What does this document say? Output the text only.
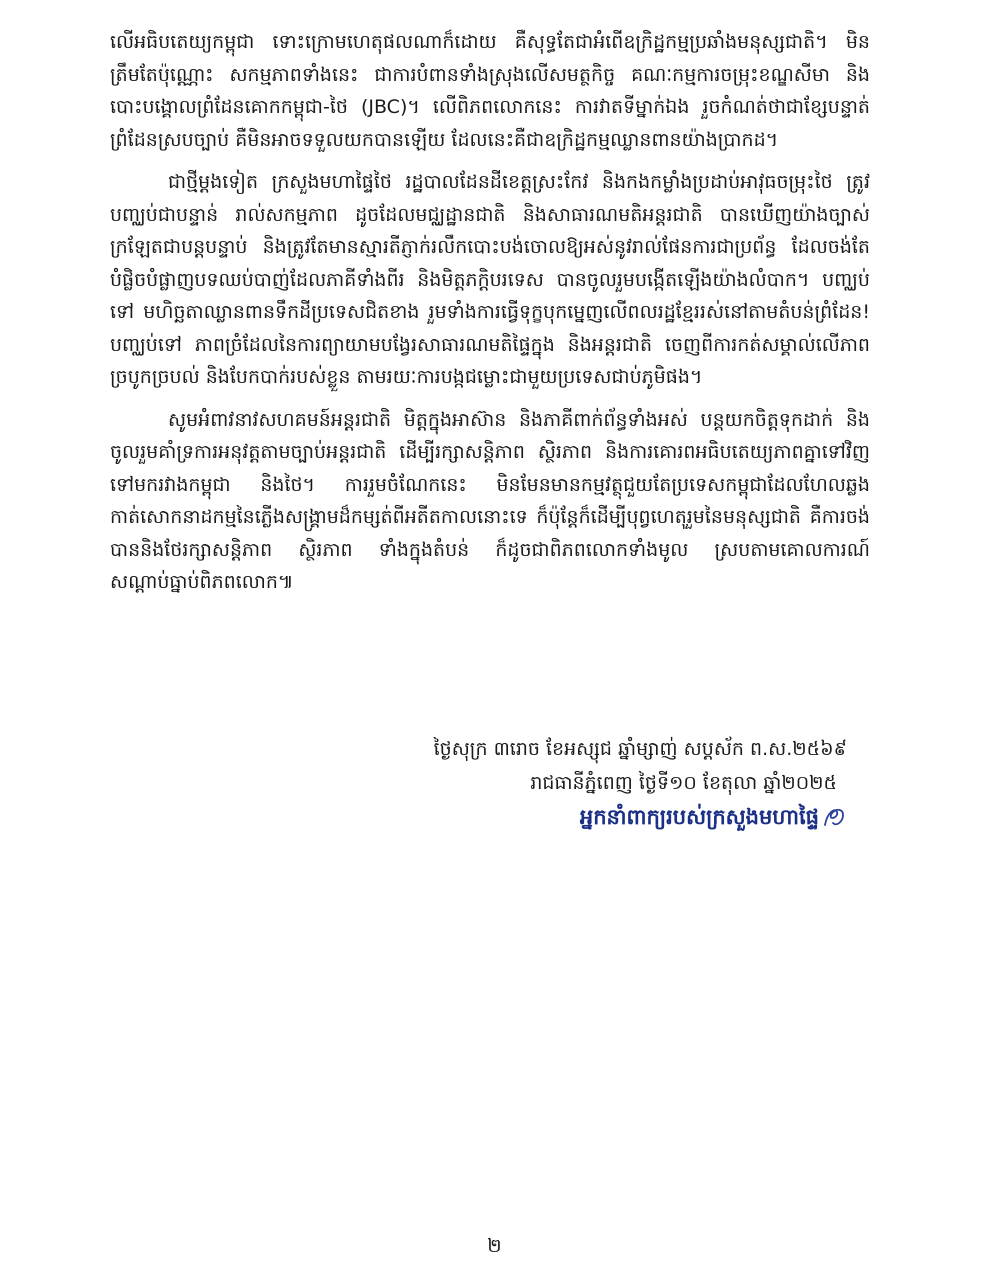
លើអធិបតេយ្យកម្ពុជា ទោះក្រោមហេតុផលណាក៏ដោយ គឺសុទ្ធតែជាអំពើឧក្រិដ្ឋកម្មប្រឆាំងមនុស្សជាតិ។ មិនត្រឹមតែប៉ុណ្ណោះ សកម្មភាពទាំងនេះ ជាការបំពានទាំងស្រុងលើសមត្ថកិច្ច គណៈកម្មការចម្រុះខណ្ឌសីមា និងបោះបង្គោលព្រំដែនគោកកម្ពុជា-ថៃ (JBC)។ លើពិភពលោកនេះ ការវាតទីម្នាក់ឯង រួចកំណត់ថាជាខ្សែបន្ទាត់ព្រំដែនស្របច្បាប់ គឺមិនអាចទទួលយកបានឡើយ ដែលនេះគឺជាឧក្រិដ្ឋកម្មឈ្លានពានយ៉ាងប្រាកដ។

ជាថ្មីម្តងទៀត ក្រសួងមហាផ្ទៃថៃ រដ្ឋបាលដែនដីខេត្តស្រះកែវ និងកងកម្លាំងប្រដាប់អាវុធចម្រុះថៃ ត្រូវបញ្ឈប់ជាបន្ទាន់ រាល់សកម្មភាព ដូចដែលមជ្ឈដ្ឋានជាតិ និងសាធារណមតិអន្តរជាតិ បានឃើញយ៉ាងច្បាស់ក្រឡែតជាបន្តបន្ទាប់ និងត្រូវតែមានស្មារតីភ្ញាក់រលឹកបោះបង់ចោលឱ្យអស់នូវរាល់ផែនការជាប្រព័ន្ធ ដែលចង់តែបំផ្លិចបំផ្លាញបទឈប់បាញ់ដែលភាគីទាំងពីរ និងមិត្តភក្តិបរទេស បានចូលរួមបង្កើតឡើងយ៉ាងលំបាក។ បញ្ឈប់ទៅ មហិច្ឆតាឈ្លានពានទឹកដីប្រទេសជិតខាង រួមទាំងការធ្វើទុក្ខបុកម្នេញលើពលរដ្ឋខ្មែររស់នៅតាមតំបន់ព្រំដែន! បញ្ឈប់ទៅ ភាពច្រំដែលនៃការព្យាយាមបង្វែរសាធារណមតិផ្ទៃក្នុង និងអន្តរជាតិ ចេញពីការកត់សម្គាល់លើភាពច្របូកច្របល់ និងបែកបាក់របស់ខ្លួន តាមរយៈការបង្កជម្លោះជាមួយប្រទេសជាប់ភូមិផង។

សូមអំពាវនាវសហគមន៍អន្តរជាតិ មិត្តក្នុងអាស៊ាន និងភាគីពាក់ព័ន្ធទាំងអស់ បន្តយកចិត្តទុកដាក់ និងចូលរួមគាំទ្រការអនុវត្តតាមច្បាប់អន្តរជាតិ ដើម្បីរក្សាសន្តិភាព ស្ថិរភាព និងការគោរពអធិបតេយ្យភាពគ្នាទៅវិញទៅមករវាងកម្ពុជា និងថៃ។ ការរួមចំណែកនេះ មិនមែនមានកម្មវត្ថុជួយតែប្រទេសកម្ពុជាដែលហែលឆ្លងកាត់សោកនាដកម្មនៃភ្លើងសង្គ្រាមដ៏កម្សត់ពីអតីតកាលនោះទេ ក៏ប៉ុន្តែក៏ដើម្បីបុព្វហេតុរួមនៃមនុស្សជាតិ គឺការចង់បាននិងថែរក្សាសន្តិភាព ស្ថិរភាព ទាំងក្នុងតំបន់ ក៏ដូចជាពិភពលោកទាំងមូល ស្របតាមគោលការណ៍សណ្តាប់ធ្នាប់ពិភពលោក៕

ថ្ងៃសុក្រ ៣រោច ខែអស្សុជ ឆ្នាំម្សាញ់ សប្តស័ក ព.ស.២៥៦៩
រាជធានីភ្នំពេញ ថ្ងៃទី១០ ខែតុលា ឆ្នាំ២០២៥
អ្នកនាំពាក្យរបស់ក្រសួងមហាផ្ទៃ
២
